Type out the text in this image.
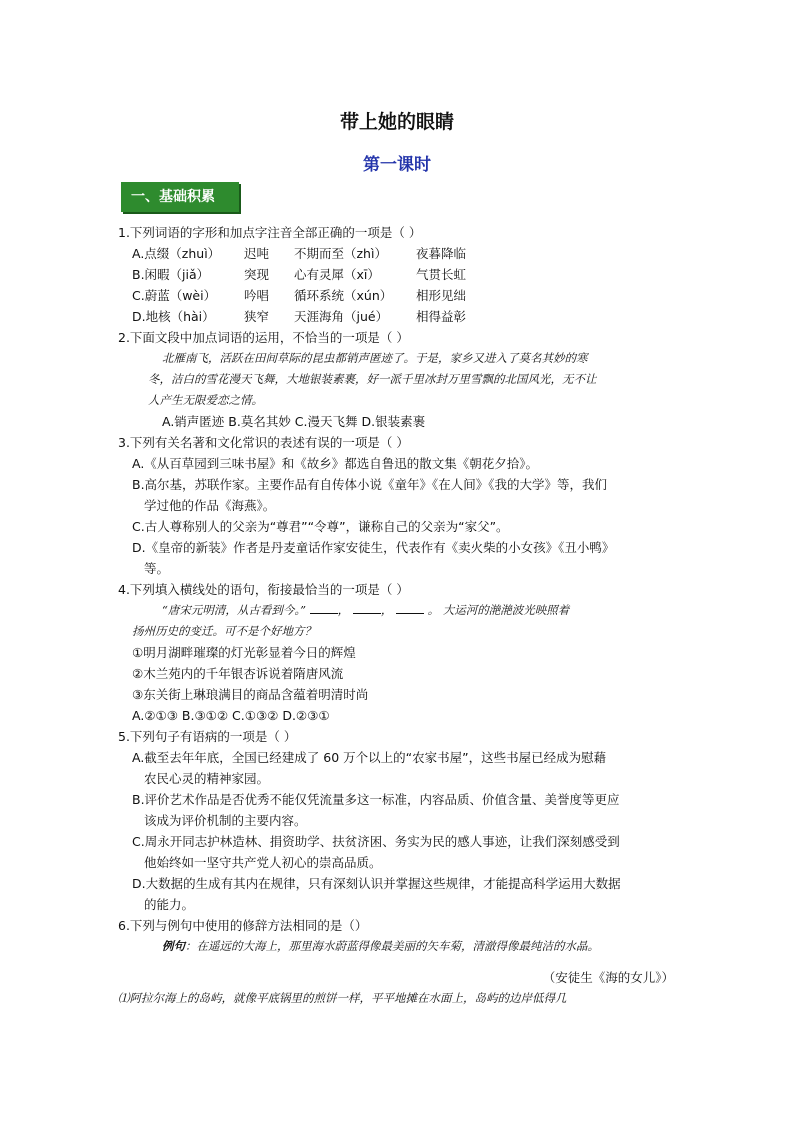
带上她的眼睛
第一课时
一、基础积累
1.下列词语的字形和加点字注音全部正确的一项是（ ）
A.点缀（zhuì）	迟吨	不期而至（zhì）	夜暮降临
B.闲暇（jiǎ）	突现	心有灵犀（xī）	气贯长虹
C.蔚蓝（wèi）	吟唱	循环系统（xún）	相形见绌
D.地核（hài）	狭窄	天涯海角（jué）	相得益彰
2.下面文段中加点词语的运用，不恰当的一项是（ ）
北雁南飞，活跃在田间草际的昆虫都销声匿迹了。于是，家乡又进入了莫名其妙的寒
冬，洁白的雪花漫天飞舞，大地银装素裹，好一派千里冰封万里雪飘的北国风光，无不让
人产生无限爱恋之情。
A.销声匿迹 B.莫名其妙 C.漫天飞舞 D.银装素裹
3.下列有关名著和文化常识的表述有误的一项是（ ）
A.《从百草园到三味书屋》和《故乡》都选自鲁迅的散文集《朝花夕拾》。
B.高尔基，苏联作家。主要作品有自传体小说《童年》《在人间》《我的大学》等，我们
学过他的作品《海燕》。
C.古人尊称别人的父亲为“尊君”“令尊”，谦称自己的父亲为“家父”。
D.《皇帝的新装》作者是丹麦童话作家安徒生，代表作有《卖火柴的小女孩》《丑小鸭》
等。
4.下列填入横线处的语句，衔接最恰当的一项是（ ）
“唐宋元明清，从古看到今。”	， ，  。 大运河的滟滟波光映照着
扬州历史的变迁。可不是个好地方？
①明月湖畔璀璨的灯光彰显着今日的辉煌
②木兰苑内的千年银杏诉说着隋唐风流
③东关街上琳琅满目的商品含蕴着明清时尚
A.②①③ B.③①② C.①③② D.②③①
5.下列句子有语病的一项是（ ）
A.截至去年年底，全国已经建成了 60 万个以上的“农家书屋”，这些书屋已经成为慰藉
农民心灵的精神家园。
B.评价艺术作品是否优秀不能仅凭流量多这一标准，内容品质、价值含量、美誉度等更应
该成为评价机制的主要内容。
C.周永开同志护林造林、捐资助学、扶贫济困、务实为民的感人事迹，让我们深刻感受到
他始终如一坚守共产党人初心的崇高品质。
D.大数据的生成有其内在规律，只有深刻认识并掌握这些规律，才能提高科学运用大数据
的能力。
6.下列与例句中使用的修辞方法相同的是（）
例句：在遥远的大海上，那里海水蔚蓝得像最美丽的矢车菊，清澈得像最纯洁的水晶。
（安徒生《海的女儿》）
⑴阿拉尔海上的岛屿，就像平底锅里的煎饼一样，平平地摊在水面上，岛屿的边岸低得几
